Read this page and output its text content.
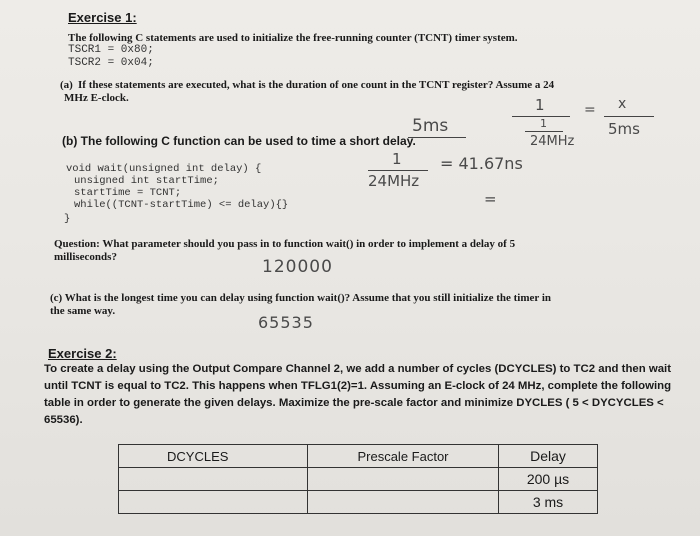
Exercise 1:
The following C statements are used to initialize the free-running counter (TCNT) timer system.
TSCR1 = 0x80;
TSCR2 = 0x04;
(a) If these statements are executed, what is the duration of one count in the TCNT register? Assume a 24
MHz E-clock.	1
1
24MHz
= x
5ms
5ms
(b) The following C function can be used to time a short delay.
1
24MHz
= 41.67ns
=
void wait(unsigned int delay) {
unsigned int startTime;
startTime = TCNT;
while((TCNT-startTime) <= delay){}
}
Question: What parameter should you pass in to function wait() in order to implement a delay of 5
milliseconds?	120000
(c) What is the longest time you can delay using function wait()? Assume that you still initialize the timer in
the same way.
65535
Exercise 2:
To create a delay using the Output Compare Channel 2, we add a number of cycles (DCYCLES) to TC2 and then wait
until TCNT is equal to TC2. This happens when TFLG1(2)=1. Assuming an E-clock of 24 MHz, complete the following
table in order to generate the given delays. Maximize the pre-scale factor and minimize DYCLES ( 5 < DYCYCLES <
65536).
DCYCLES	Prescale Factor	Delay
		200 µs
		3 ms
